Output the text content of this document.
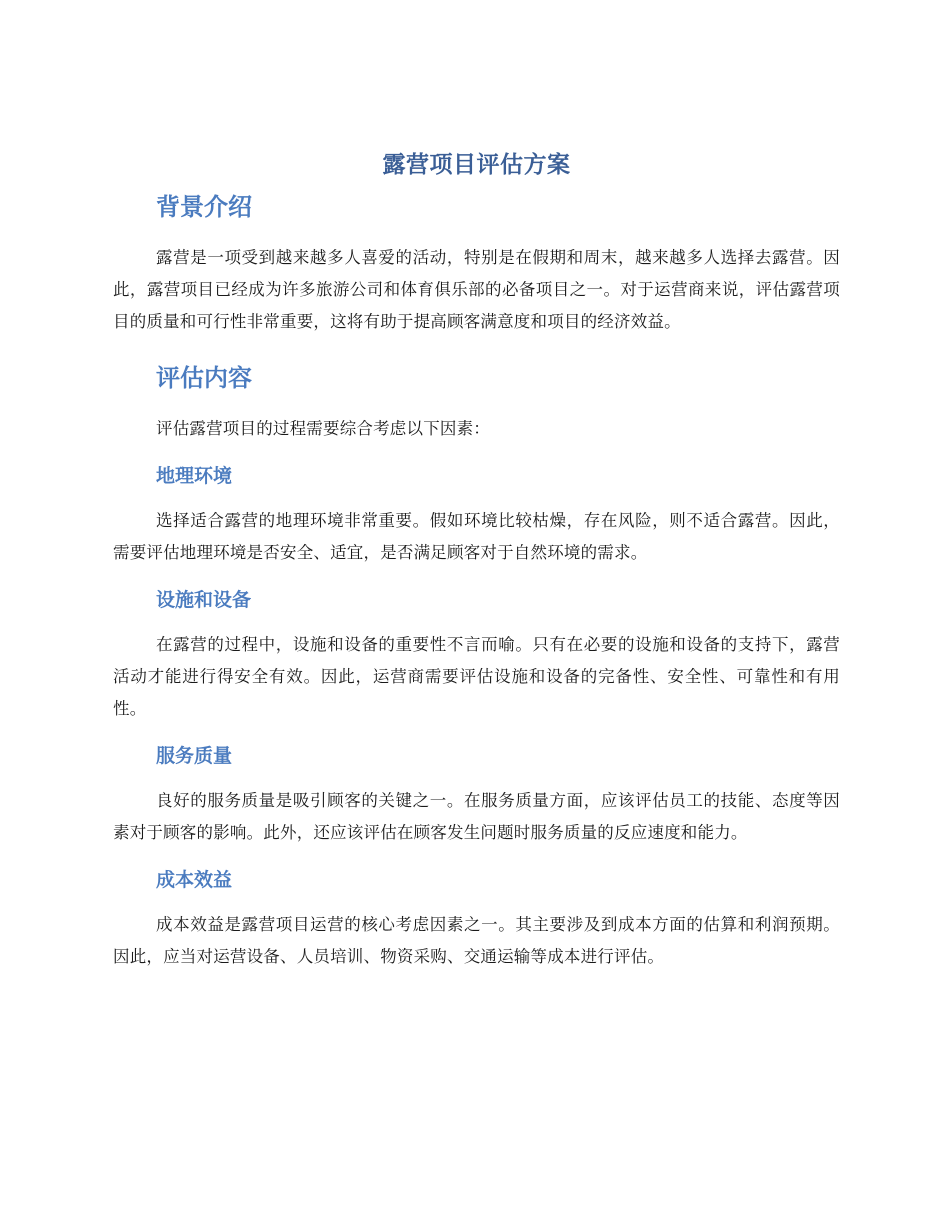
露营项目评估方案
背景介绍

露营是一项受到越来越多人喜爱的活动，特别是在假期和周末，越来越多人选择去露营。因此，露营项目已经成为许多旅游公司和体育俱乐部的必备项目之一。对于运营商来说，评估露营项目的质量和可行性非常重要，这将有助于提高顾客满意度和项目的经济效益。

评估内容

评估露营项目的过程需要综合考虑以下因素：

地理环境

选择适合露营的地理环境非常重要。假如环境比较枯燥，存在风险，则不适合露营。因此，需要评估地理环境是否安全、适宜，是否满足顾客对于自然环境的需求。

设施和设备

在露营的过程中，设施和设备的重要性不言而喻。只有在必要的设施和设备的支持下，露营活动才能进行得安全有效。因此，运营商需要评估设施和设备的完备性、安全性、可靠性和有用性。

服务质量

良好的服务质量是吸引顾客的关键之一。在服务质量方面，应该评估员工的技能、态度等因素对于顾客的影响。此外，还应该评估在顾客发生问题时服务质量的反应速度和能力。

成本效益

成本效益是露营项目运营的核心考虑因素之一。其主要涉及到成本方面的估算和利润预期。因此，应当对运营设备、人员培训、物资采购、交通运输等成本进行评估。
